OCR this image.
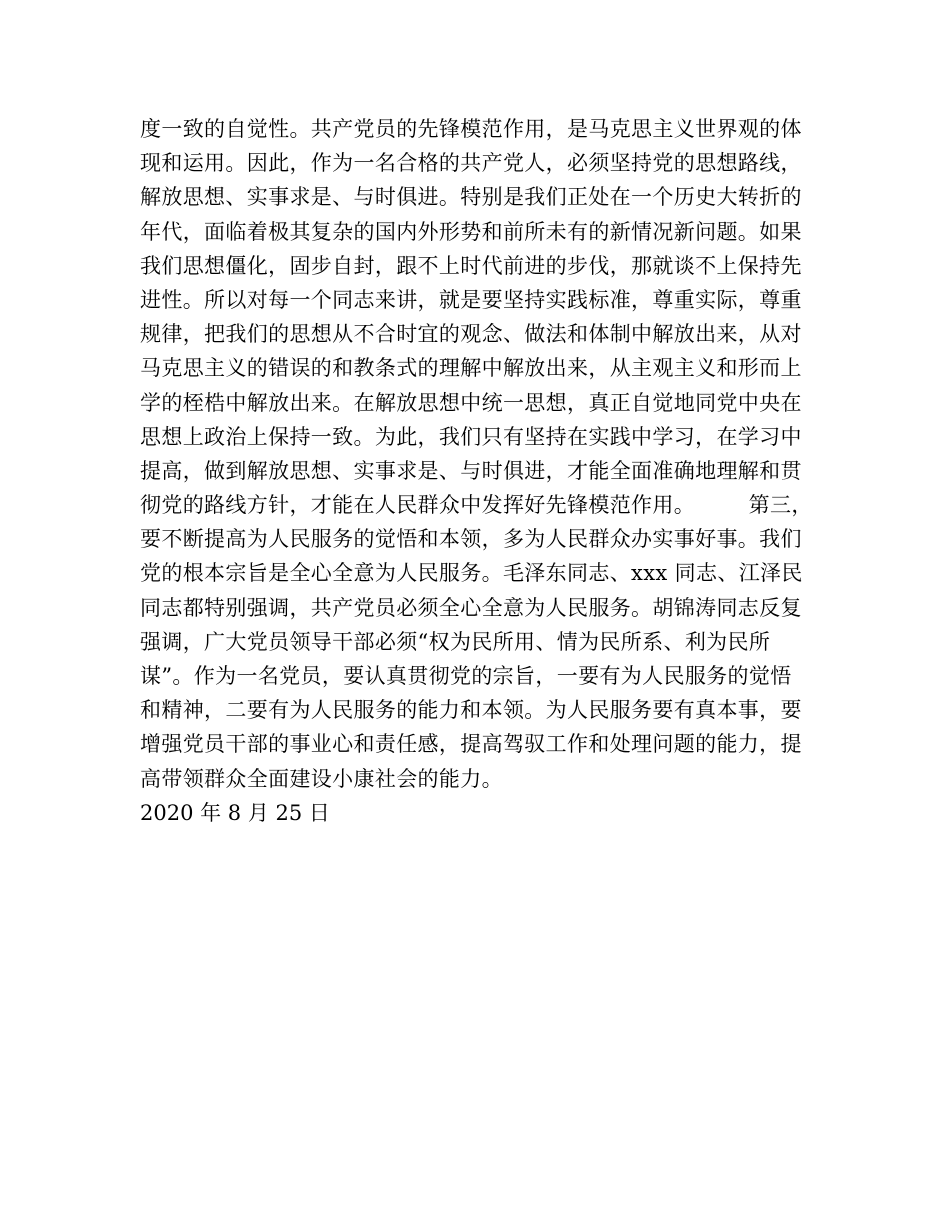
度一致的自觉性。共产党员的先锋模范作用，是马克思主义世界观的体
现和运用。因此，作为一名合格的共产党人，必须坚持党的思想路线，
解放思想、实事求是、与时俱进。特别是我们正处在一个历史大转折的
年代，面临着极其复杂的国内外形势和前所未有的新情况新问题。如果
我们思想僵化，固步自封，跟不上时代前进的步伐，那就谈不上保持先
进性。所以对每一个同志来讲，就是要坚持实践标准，尊重实际，尊重
规律，把我们的思想从不合时宜的观念、做法和体制中解放出来，从对
马克思主义的错误的和教条式的理解中解放出来，从主观主义和形而上
学的桎梏中解放出来。在解放思想中统一思想，真正自觉地同党中央在
思想上政治上保持一致。为此，我们只有坚持在实践中学习，在学习中
提高，做到解放思想、实事求是、与时俱进，才能全面准确地理解和贯
彻党的路线方针，才能在人民群众中发挥好先锋模范作用。　　　第三，
要不断提高为人民服务的觉悟和本领，多为人民群众办实事好事。我们
党的根本宗旨是全心全意为人民服务。毛泽东同志、xxx 同志、江泽民
同志都特别强调，共产党员必须全心全意为人民服务。胡锦涛同志反复
强调，广大党员领导干部必须“权为民所用、情为民所系、利为民所
谋”。作为一名党员，要认真贯彻党的宗旨，一要有为人民服务的觉悟
和精神，二要有为人民服务的能力和本领。为人民服务要有真本事，要
增强党员干部的事业心和责任感，提高驾驭工作和处理问题的能力，提
高带领群众全面建设小康社会的能力。
2020 年 8 月 25 日
